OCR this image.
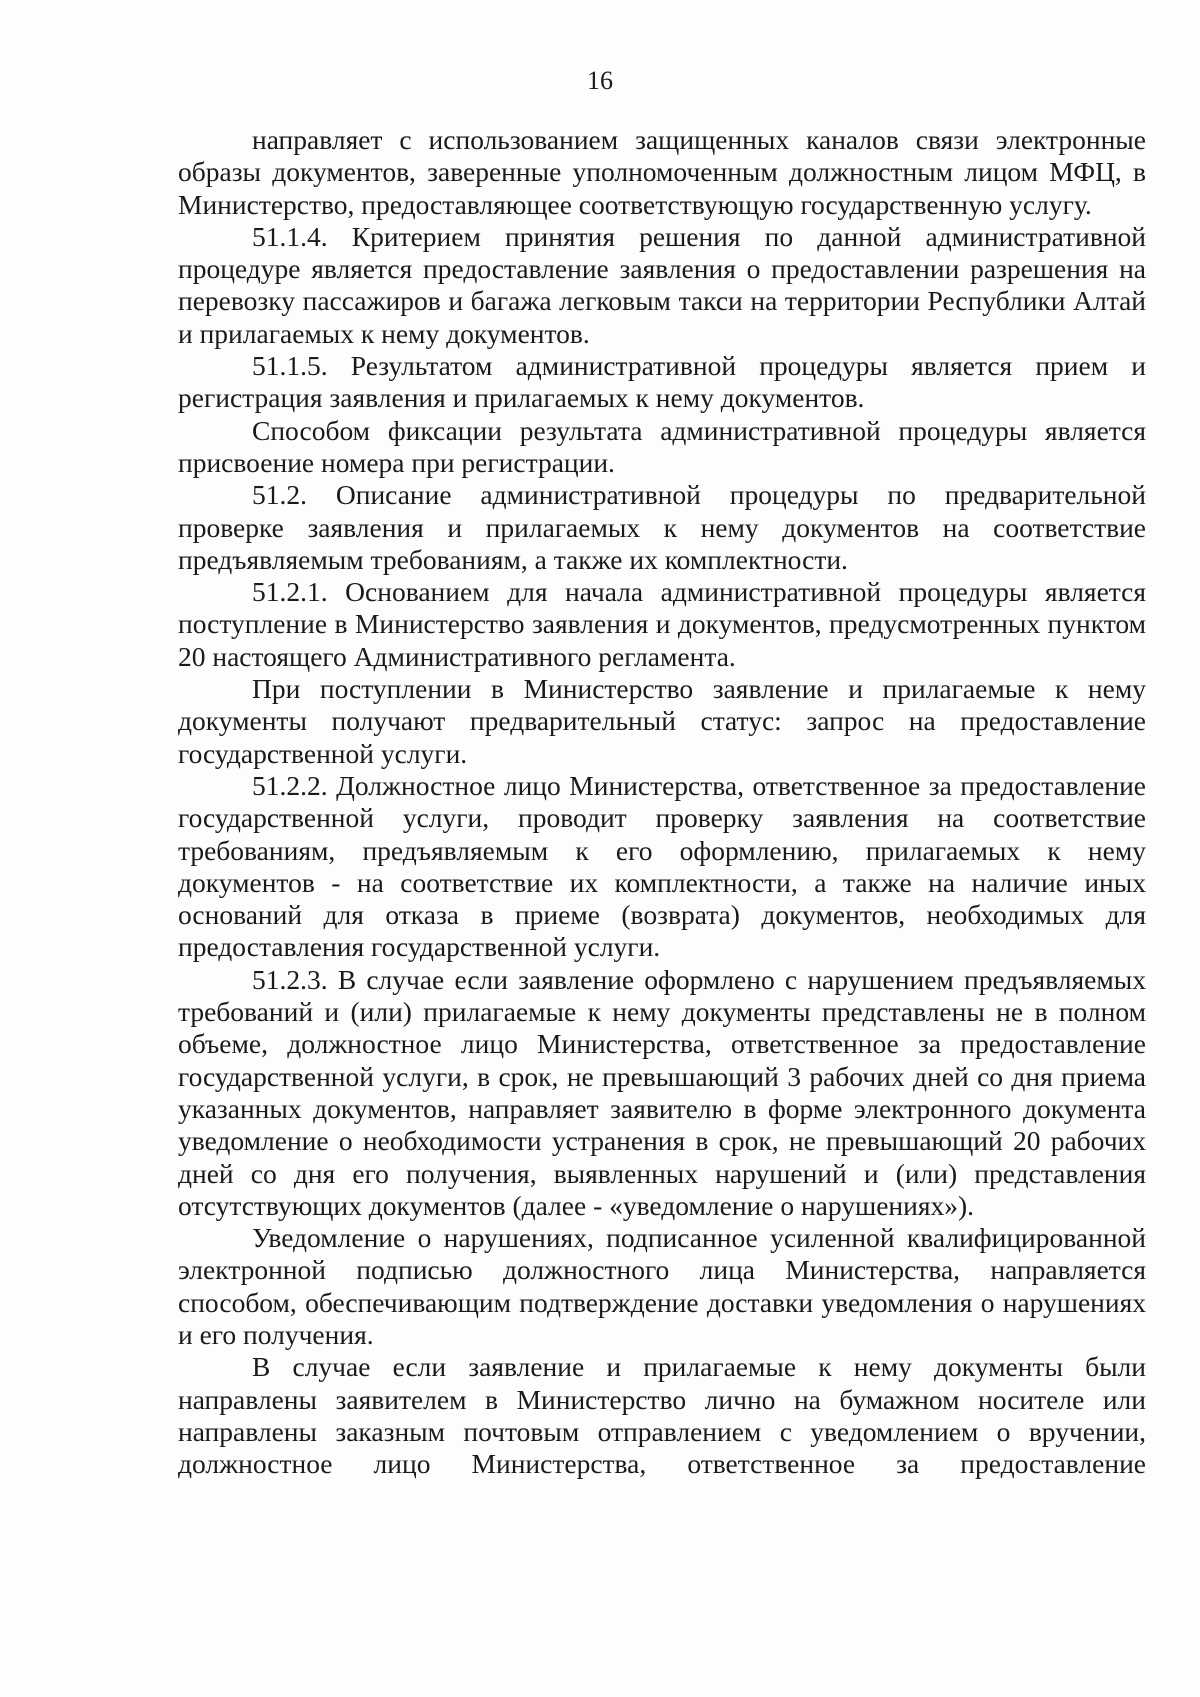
16

направляет с использованием защищенных каналов связи электронные образы документов, заверенные уполномоченным должностным лицом МФЦ, в Министерство, предоставляющее соответствующую государственную услугу.

51.1.4. Критерием принятия решения по данной административной процедуре является предоставление заявления о предоставлении разрешения на перевозку пассажиров и багажа легковым такси на территории Республики Алтай и прилагаемых к нему документов.

51.1.5. Результатом административной процедуры является прием и регистрация заявления и прилагаемых к нему документов.

Способом фиксации результата административной процедуры является присвоение номера при регистрации.

51.2. Описание административной процедуры по предварительной проверке заявления и прилагаемых к нему документов на соответствие предъявляемым требованиям, а также их комплектности.

51.2.1. Основанием для начала административной процедуры является поступление в Министерство заявления и документов, предусмотренных пунктом 20 настоящего Административного регламента.

При поступлении в Министерство заявление и прилагаемые к нему документы получают предварительный статус: запрос на предоставление государственной услуги.

51.2.2. Должностное лицо Министерства, ответственное за предоставление государственной услуги, проводит проверку заявления на соответствие требованиям, предъявляемым к его оформлению, прилагаемых к нему документов - на соответствие их комплектности, а также на наличие иных оснований для отказа в приеме (возврата) документов, необходимых для предоставления государственной услуги.

51.2.3. В случае если заявление оформлено с нарушением предъявляемых требований и (или) прилагаемые к нему документы представлены не в полном объеме, должностное лицо Министерства, ответственное за предоставление государственной услуги, в срок, не превышающий 3 рабочих дней со дня приема указанных документов, направляет заявителю в форме электронного документа уведомление о необходимости устранения в срок, не превышающий 20 рабочих дней со дня его получения, выявленных нарушений и (или) представления отсутствующих документов (далее - «уведомление о нарушениях»).

Уведомление о нарушениях, подписанное усиленной квалифицированной электронной подписью должностного лица Министерства, направляется способом, обеспечивающим подтверждение доставки уведомления о нарушениях и его получения.

В случае если заявление и прилагаемые к нему документы были направлены заявителем в Министерство лично на бумажном носителе или направлены заказным почтовым отправлением с уведомлением о вручении, должностное лицо Министерства, ответственное за предоставление
